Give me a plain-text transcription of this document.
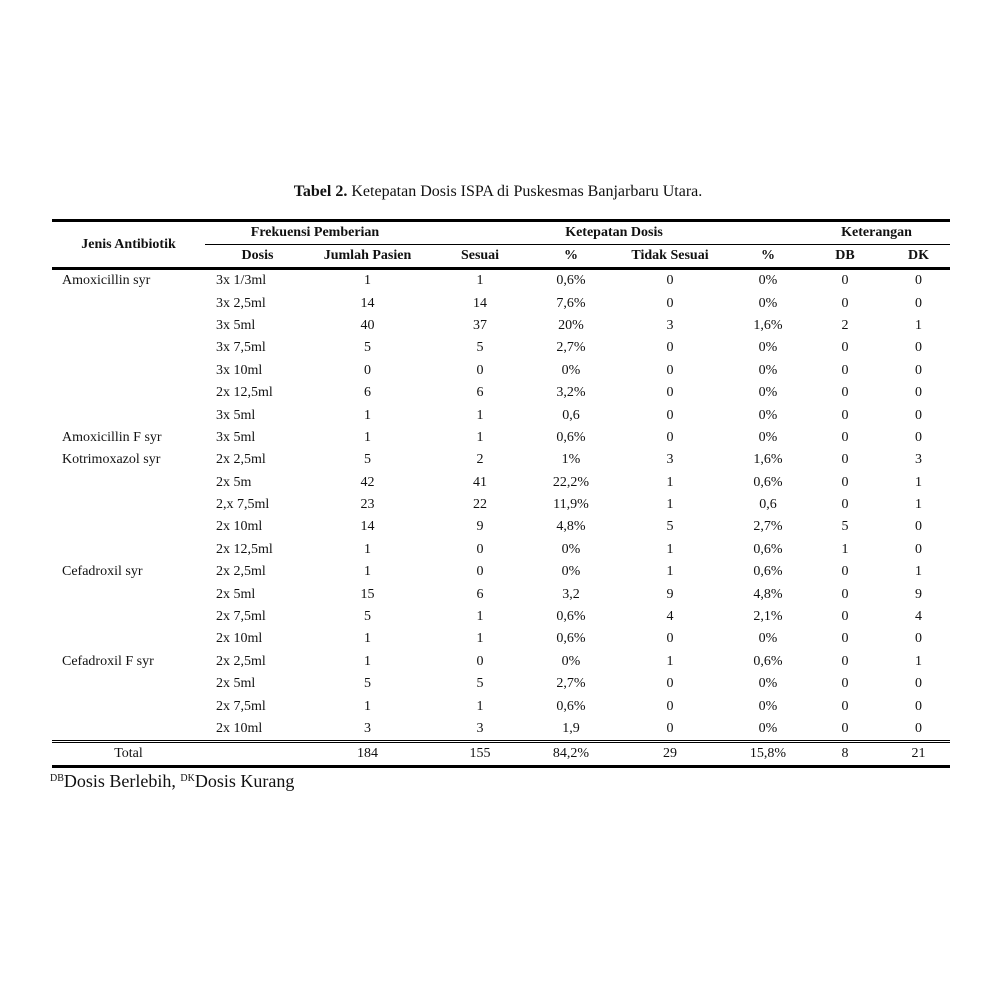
Tabel 2. Ketepatan Dosis ISPA di Puskesmas Banjarbaru Utara.
Jenis Antibiotik	Frekuensi Pemberian		Ketepatan Dosis				Keterangan	
	Dosis	Jumlah Pasien	Sesuai	%	Tidak Sesuai	%	DB	DK
Amoxicillin syr	3x 1/3ml	1	1	0,6%	0	0%	0	0
	3x 2,5ml	14	14	7,6%	0	0%	0	0
	3x 5ml	40	37	20%	3	1,6%	2	1
	3x 7,5ml	5	5	2,7%	0	0%	0	0
	3x 10ml	0	0	0%	0	0%	0	0
	2x 12,5ml	6	6	3,2%	0	0%	0	0
	3x 5ml	1	1	0,6	0	0%	0	0
Amoxicillin F syr	3x 5ml	1	1	0,6%	0	0%	0	0
Kotrimoxazol syr	2x 2,5ml	5	2	1%	3	1,6%	0	3
	2x 5m	42	41	22,2%	1	0,6%	0	1
	2,x 7,5ml	23	22	11,9%	1	0,6	0	1
	2x 10ml	14	9	4,8%	5	2,7%	5	0
	2x 12,5ml	1	0	0%	1	0,6%	1	0
Cefadroxil syr	2x 2,5ml	1	0	0%	1	0,6%	0	1
	2x 5ml	15	6	3,2	9	4,8%	0	9
	2x 7,5ml	5	1	0,6%	4	2,1%	0	4
	2x 10ml	1	1	0,6%	0	0%	0	0
Cefadroxil F syr	2x 2,5ml	1	0	0%	1	0,6%	0	1
	2x 5ml	5	5	2,7%	0	0%	0	0
	2x 7,5ml	1	1	0,6%	0	0%	0	0
	2x 10ml	3	3	1,9	0	0%	0	0
Total		184	155	84,2%	29	15,8%	8	21
$^{DB}$Dosis Berlebih, $^{DK}$Dosis Kurang
